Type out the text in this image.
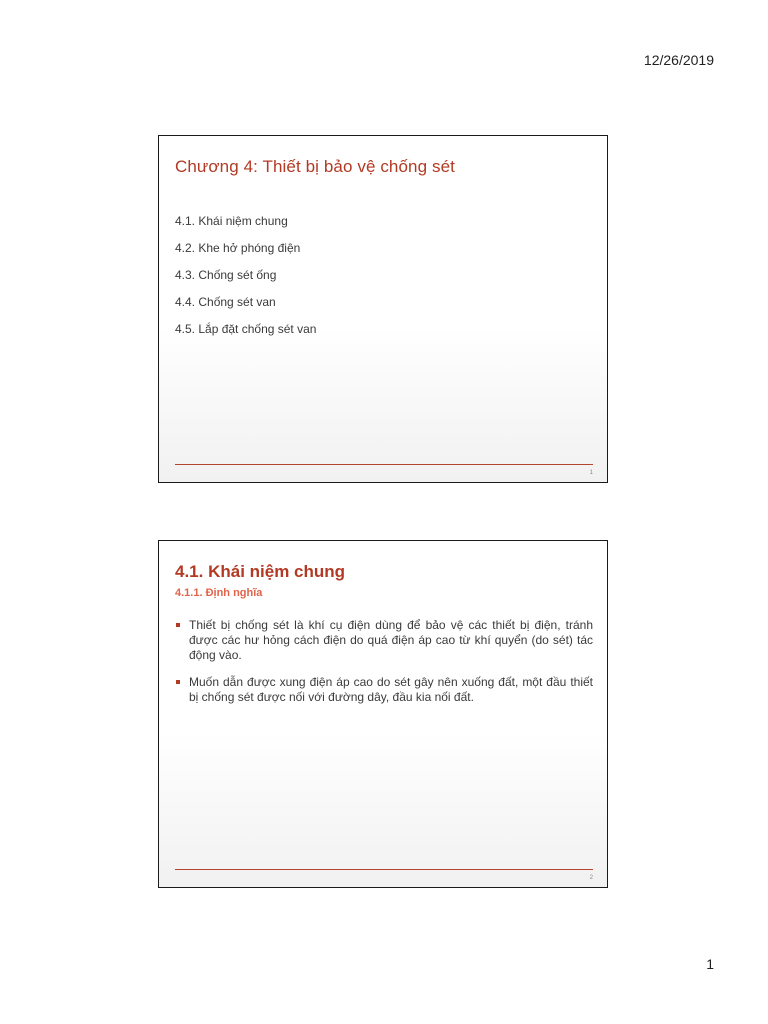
12/26/2019
Chương 4: Thiết bị bảo vệ chống sét
4.1. Khái niệm chung
4.2. Khe hở phóng điện
4.3. Chống sét ống
4.4. Chống sét van
4.5. Lắp đặt chống sét van
1
4.1. Khái niệm chung
4.1.1. Định nghĩa
Thiết bị chống sét là khí cụ điện dùng để bảo vệ các thiết bị điện, tránh được các hư hỏng cách điện do quá điện áp cao từ khí quyển (do sét) tác động vào.
Muốn dẫn được xung điện áp cao do sét gây nên xuống đất, một đầu thiết bị chống sét được nối với đường dây, đầu kia nối đất.
2
1
